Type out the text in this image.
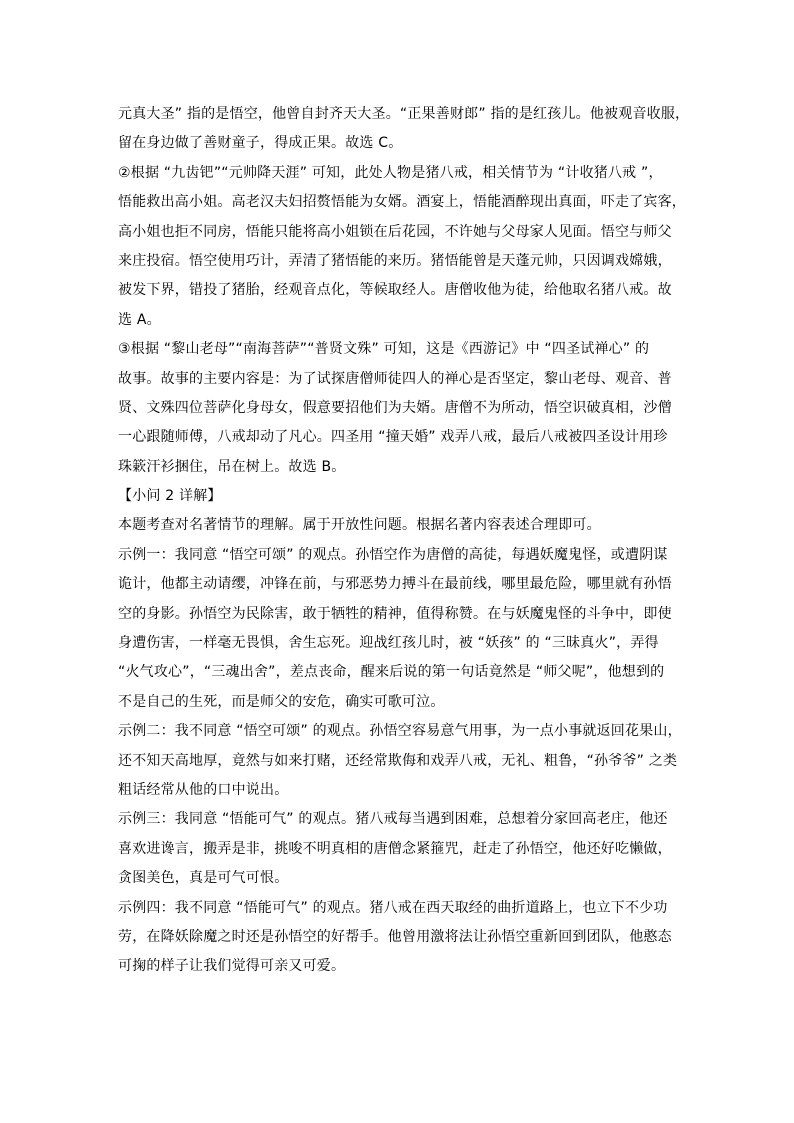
元真大圣” 指的是悟空，他曾自封齐天大圣。“正果善财郎” 指的是红孩儿。他被观音收服，
留在身边做了善财童子，得成正果。故选 C。
②根据 “九齿钯”“元帅降天涯” 可知，此处人物是猪八戒，相关情节为 “计收猪八戒 ”，
悟能救出高小姐。高老汉夫妇招赘悟能为女婿。酒宴上，悟能酒醉现出真面，吓走了宾客，
高小姐也拒不同房，悟能只能将高小姐锁在后花园，不许她与父母家人见面。悟空与师父
来庄投宿。悟空使用巧计，弄清了猪悟能的来历。猪悟能曾是天蓬元帅，只因调戏嫦娥，
被发下界，错投了猪胎，经观音点化，等候取经人。唐僧收他为徒，给他取名猪八戒。故
选 A。
③根据 “黎山老母”“南海菩萨”“普贤文殊” 可知，这是《西游记》中 “四圣试禅心” 的
故事。故事的主要内容是：为了试探唐僧师徒四人的禅心是否坚定，黎山老母、观音、普
贤、文殊四位菩萨化身母女，假意要招他们为夫婿。唐僧不为所动，悟空识破真相，沙僧
一心跟随师傅，八戒却动了凡心。四圣用 “撞天婚” 戏弄八戒，最后八戒被四圣设计用珍
珠簌汗衫捆住，吊在树上。故选 B。
【小问 2 详解】
本题考查对名著情节的理解。属于开放性问题。根据名著内容表述合理即可。
示例一：我同意 “悟空可颂” 的观点。孙悟空作为唐僧的高徒，每遇妖魔鬼怪，或遭阴谋
诡计，他都主动请缨，冲锋在前，与邪恶势力搏斗在最前线，哪里最危险，哪里就有孙悟
空的身影。孙悟空为民除害，敢于牺牲的精神，值得称赞。在与妖魔鬼怪的斗争中，即使
身遭伤害，一样毫无畏惧，舍生忘死。迎战红孩儿时，被 “妖孩” 的 “三昧真火”，弄得
“火气攻心”，“三魂出舍”，差点丧命，醒来后说的第一句话竟然是 “师父呢”，他想到的
不是自己的生死，而是师父的安危，确实可歌可泣。
示例二：我不同意 “悟空可颂” 的观点。孙悟空容易意气用事，为一点小事就返回花果山，
还不知天高地厚，竟然与如来打赌，还经常欺侮和戏弄八戒，无礼、粗鲁，“孙爷爷” 之类
粗话经常从他的口中说出。
示例三：我同意 “悟能可气” 的观点。猪八戒每当遇到困难，总想着分家回高老庄，他还
喜欢进谗言，搬弄是非，挑唆不明真相的唐僧念紧箍咒，赶走了孙悟空，他还好吃懒做，
贪图美色，真是可气可恨。
示例四：我不同意 “悟能可气” 的观点。猪八戒在西天取经的曲折道路上，也立下不少功
劳，在降妖除魔之时还是孙悟空的好帮手。他曾用激将法让孙悟空重新回到团队，他憨态
可掬的样子让我们觉得可亲又可爱。
